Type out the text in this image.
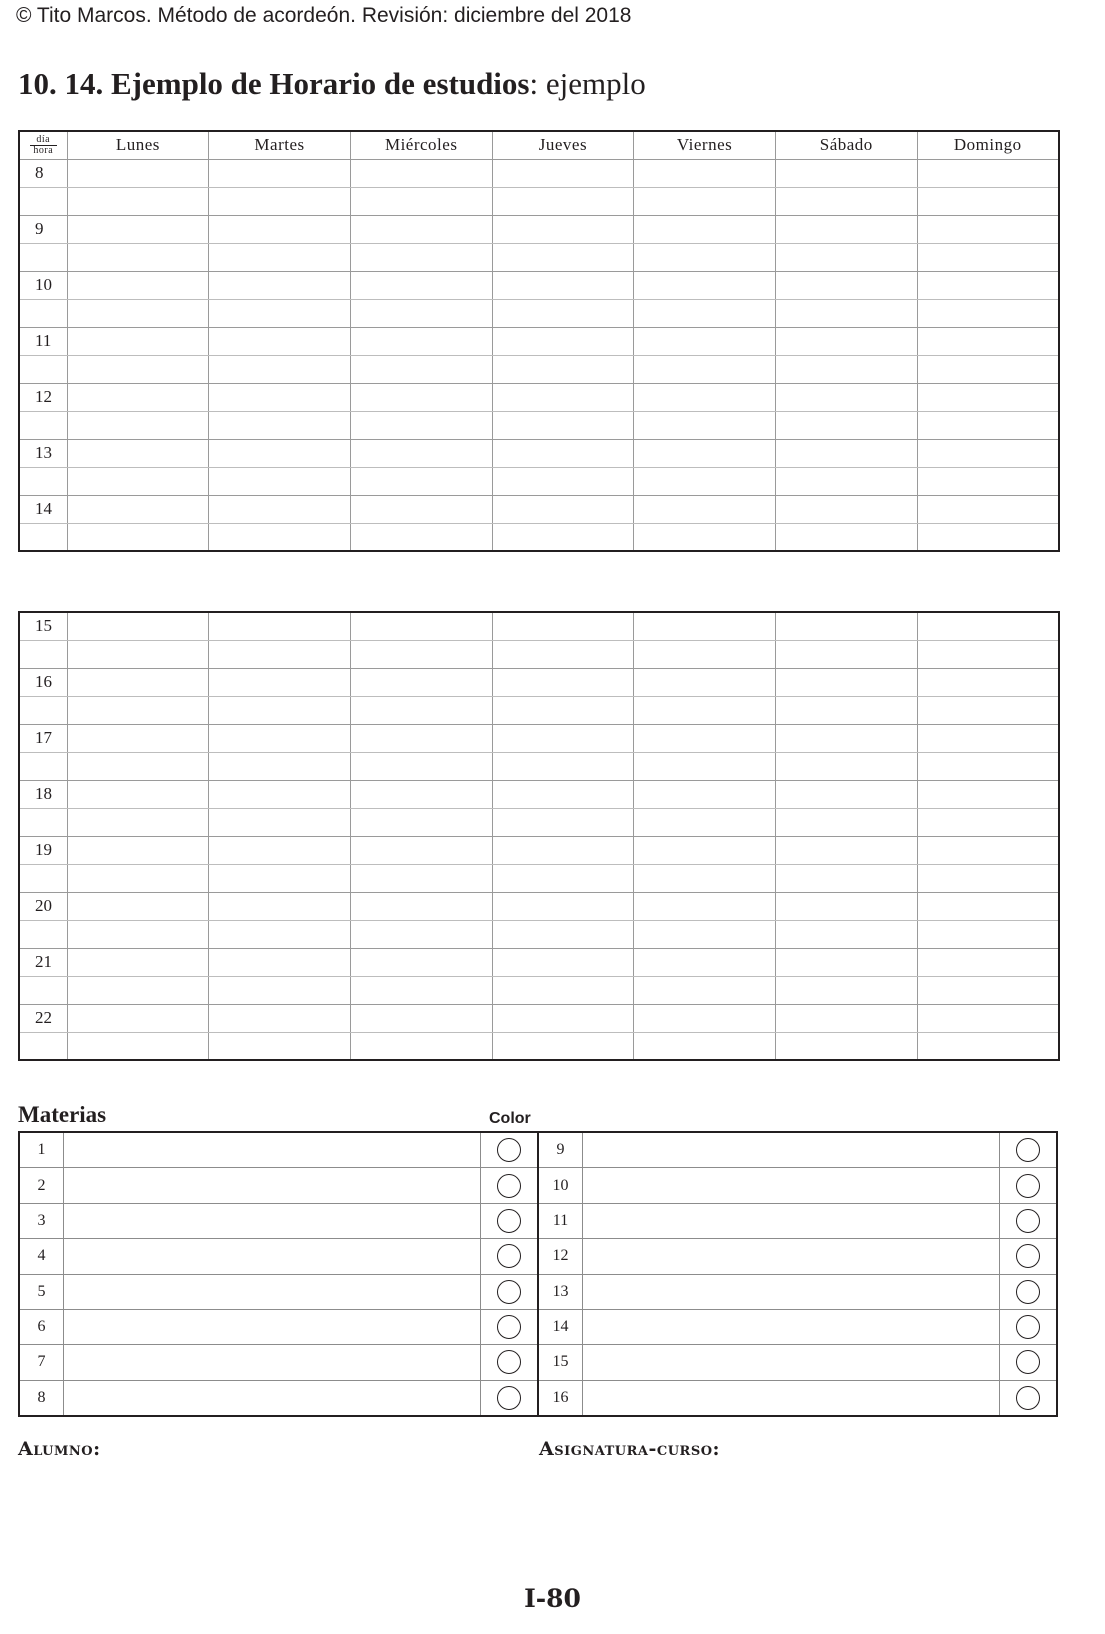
© Tito Marcos. Método de acordeón. Revisión: diciembre del 2018
10. 14. Ejemplo de Horario de estudios: ejemplo
día
hora	Lunes	Martes	Miércoles	Jueves	Viernes	Sábado	Domingo
8							

9							

10							

11							

12							

13							

14							

15							

16							

17							

18							

19							

20							

21							

22							

Materias	Color
1
2
3
4
5
6
7
8
9
10
11
12
13
14
15
16
Alumno:	Asignatura-curso:
I-80
